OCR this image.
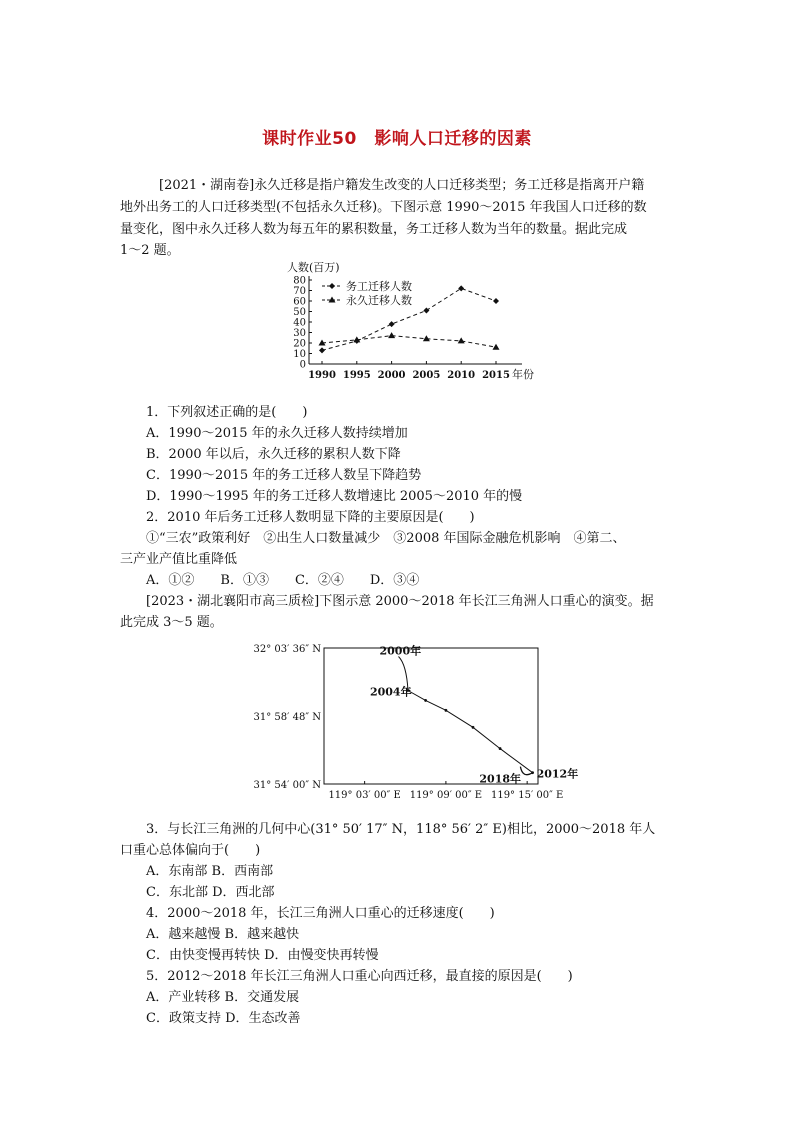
课时作业50　影响人口迁移的因素
[2021・湖南卷]永久迁移是指户籍发生改变的人口迁移类型；务工迁移是指离开户籍
地外出务工的人口迁移类型(不包括永久迁移)。下图示意 1990～2015 年我国人口迁移的数
量变化，图中永久迁移人数为每五年的累积数量，务工迁移人数为当年的数量。据此完成
1～2 题。
人数(百万)
0
10
20
30
40
50
60
70
80
1990 1995 2000 2005 2010 2015 年份
务工迁移人数
永久迁移人数
1．下列叙述正确的是(　　)
A．1990～2015 年的永久迁移人数持续增加
B．2000 年以后，永久迁移的累积人数下降
C．1990～2015 年的务工迁移人数呈下降趋势
D．1990～1995 年的务工迁移人数增速比 2005～2010 年的慢
2．2010 年后务工迁移人数明显下降的主要原因是(　　)
①“三农”政策利好　②出生人口数量减少　③2008 年国际金融危机影响　④第二、
三产业产值比重降低
A．①②　　B．①③　　C．②④　　D．③④
[2023・湖北襄阳市高三质检]下图示意 2000～2018 年长江三角洲人口重心的演变。据
此完成 3～5 题。
32° 03′ 36″ N
31° 58′ 48″ N
31° 54′ 00″ N
119° 03′ 00″ E 119° 09′ 00″ E 119° 15′ 00″ E
2000年
2004年
2012年
2018年
3．与长江三角洲的几何中心(31° 50′ 17″ N，118° 56′ 2″ E)相比，2000～2018 年人
口重心总体偏向于(　　)
A．东南部 B．西南部
C．东北部 D．西北部
4．2000～2018 年，长江三角洲人口重心的迁移速度(　　)
A．越来越慢 B．越来越快
C．由快变慢再转快 D．由慢变快再转慢
5．2012～2018 年长江三角洲人口重心向西迁移，最直接的原因是(　　)
A．产业转移 B．交通发展
C．政策支持 D．生态改善
